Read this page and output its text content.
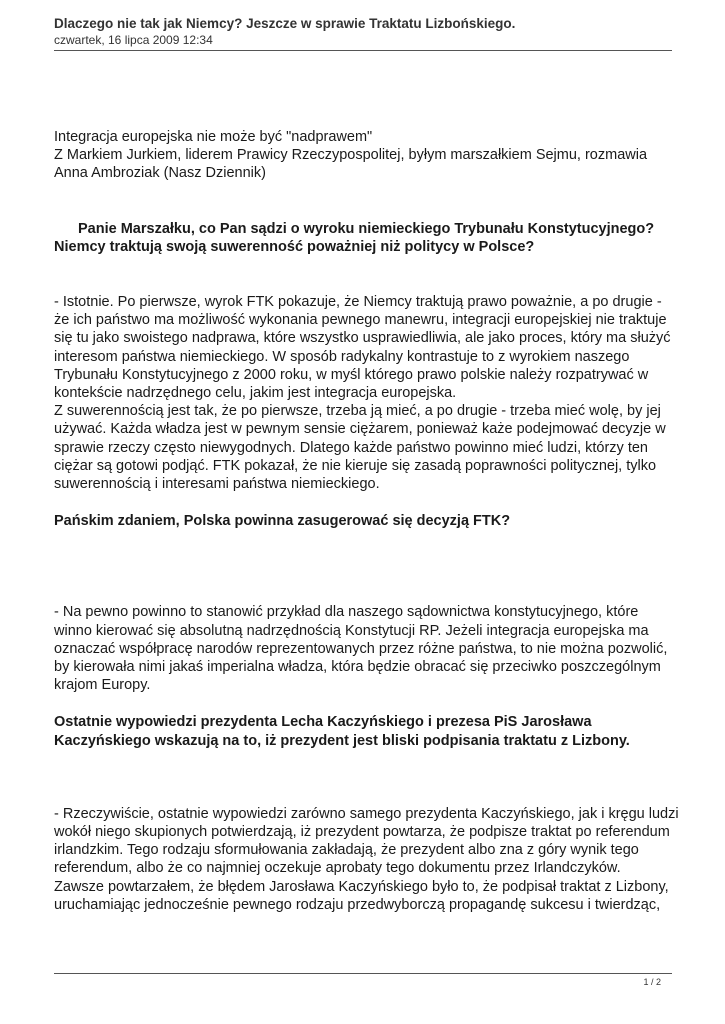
Dlaczego nie tak jak Niemcy? Jeszcze w sprawie Traktatu Lizbońskiego.
czwartek, 16 lipca 2009 12:34

Integracja europejska nie może być "nadprawem"

Z Markiem Jurkiem, liderem Prawicy Rzeczypospolitej, byłym marszałkiem Sejmu, rozmawia Anna Ambroziak (Nasz Dziennik)

Panie Marszałku, co Pan sądzi o wyroku niemieckiego Trybunału Konstytucyjnego? Niemcy traktują swoją suwerenność poważniej niż politycy w Polsce?

- Istotnie. Po pierwsze, wyrok FTK pokazuje, że Niemcy traktują prawo poważnie, a po drugie - że ich państwo ma możliwość wykonania pewnego manewru, integracji europejskiej nie traktuje się tu jako swoistego nadprawa, które wszystko usprawiedliwia, ale jako proces, który ma służyć interesom państwa niemieckiego. W sposób radykalny kontrastuje to z wyrokiem naszego Trybunału Konstytucyjnego z 2000 roku, w myśl którego prawo polskie należy rozpatrywać w kontekście nadrzędnego celu, jakim jest integracja europejska.

Z suwerennością jest tak, że po pierwsze, trzeba ją mieć, a po drugie - trzeba mieć wolę, by jej używać. Każda władza jest w pewnym sensie ciężarem, ponieważ każe podejmować decyzje w sprawie rzeczy często niewygodnych. Dlatego każde państwo powinno mieć ludzi, którzy ten ciężar są gotowi podjąć. FTK pokazał, że nie kieruje się zasadą poprawności politycznej, tylko suwerennością i interesami państwa niemieckiego.

Pańskim zdaniem, Polska powinna zasugerować się decyzją FTK?

- Na pewno powinno to stanowić przykład dla naszego sądownictwa konstytucyjnego, które winno kierować się absolutną nadrzędnością Konstytucji RP. Jeżeli integracja europejska ma oznaczać współpracę narodów reprezentowanych przez różne państwa, to nie można pozwolić, by kierowała nimi jakaś imperialna władza, która będzie obracać się przeciwko poszczególnym krajom Europy.

Ostatnie wypowiedzi prezydenta Lecha Kaczyńskiego i prezesa PiS Jarosława Kaczyńskiego wskazują na to, iż prezydent jest bliski podpisania traktatu z Lizbony.

- Rzeczywiście, ostatnie wypowiedzi zarówno samego prezydenta Kaczyńskiego, jak i kręgu ludzi wokół niego skupionych potwierdzają, iż prezydent powtarza, że podpisze traktat po referendum irlandzkim. Tego rodzaju sformułowania zakładają, że prezydent albo zna z góry wynik tego referendum, albo że co najmniej oczekuje aprobaty tego dokumentu przez Irlandczyków.

Zawsze powtarzałem, że błędem Jarosława Kaczyńskiego było to, że podpisał traktat z Lizbony, uruchamiając jednocześnie pewnego rodzaju przedwyborczą propagandę sukcesu i twierdząc,

1 / 2
